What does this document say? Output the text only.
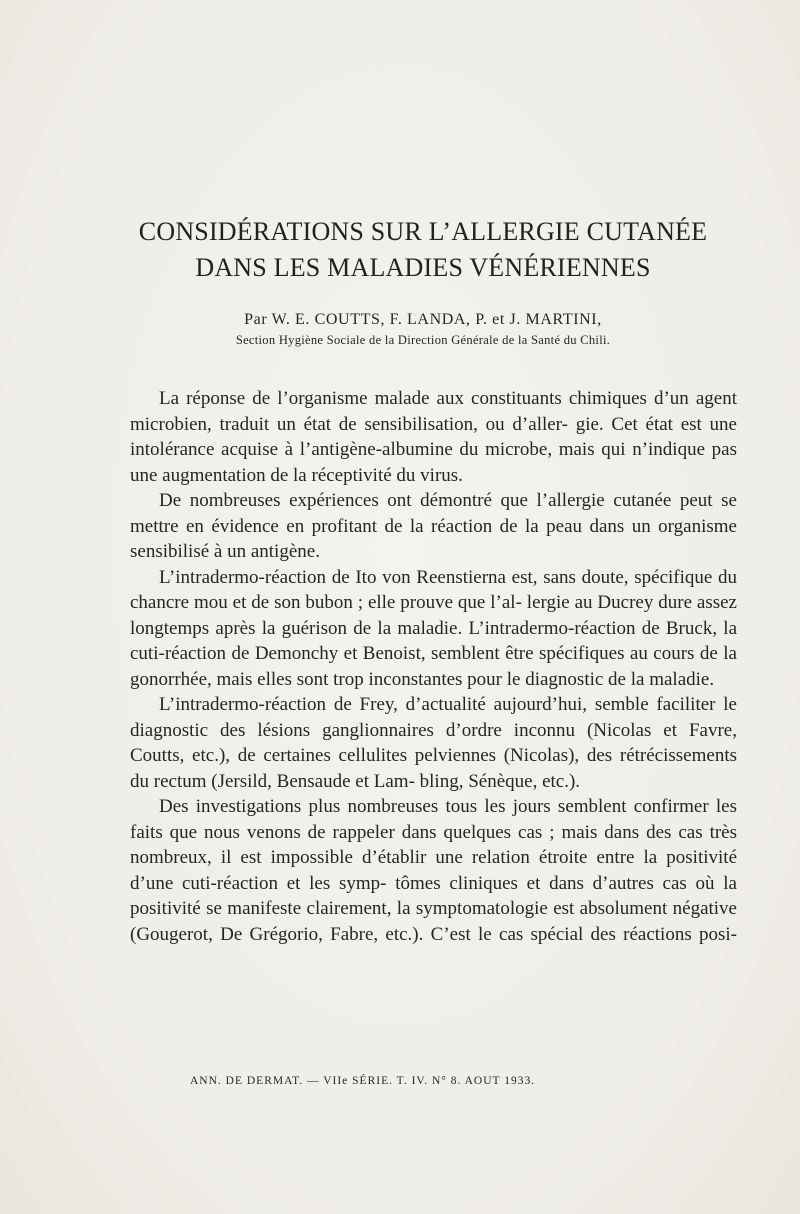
CONSIDÉRATIONS SUR L’ALLERGIE CUTANÉE
DANS LES MALADIES VÉNÉRIENNES
Par W. E. COUTTS, F. LANDA, P. et J. MARTINI,
Section Hygiène Sociale de la Direction Générale de la Santé du Chili.

La réponse de l’organisme malade aux constituants chimiques d’un agent microbien, traduit un état de sensibilisation, ou d’aller- gie. Cet état est une intolérance acquise à l’antigène-albumine du microbe, mais qui n’indique pas une augmentation de la réceptivité du virus.

De nombreuses expériences ont démontré que l’allergie cutanée peut se mettre en évidence en profitant de la réaction de la peau dans un organisme sensibilisé à un antigène.

L’intradermo-réaction de Ito von Reenstierna est, sans doute, spécifique du chancre mou et de son bubon ; elle prouve que l’al- lergie au Ducrey dure assez longtemps après la guérison de la maladie. L’intradermo-réaction de Bruck, la cuti-réaction de Demonchy et Benoist, semblent être spécifiques au cours de la gonorrhée, mais elles sont trop inconstantes pour le diagnostic de la maladie.

L’intradermo-réaction de Frey, d’actualité aujourd’hui, semble faciliter le diagnostic des lésions ganglionnaires d’ordre inconnu (Nicolas et Favre, Coutts, etc.), de certaines cellulites pelviennes (Nicolas), des rétrécissements du rectum (Jersild, Bensaude et Lam- bling, Sénèque, etc.).

Des investigations plus nombreuses tous les jours semblent confirmer les faits que nous venons de rappeler dans quelques cas ; mais dans des cas très nombreux, il est impossible d’établir une relation étroite entre la positivité d’une cuti-réaction et les symp- tômes cliniques et dans d’autres cas où la positivité se manifeste clairement, la symptomatologie est absolument négative (Gougerot, De Grégorio, Fabre, etc.). C’est le cas spécial des réactions posi-

ANN. DE DERMAT. — VIIe SÉRIE. T. IV. N° 8. AOUT 1933.
